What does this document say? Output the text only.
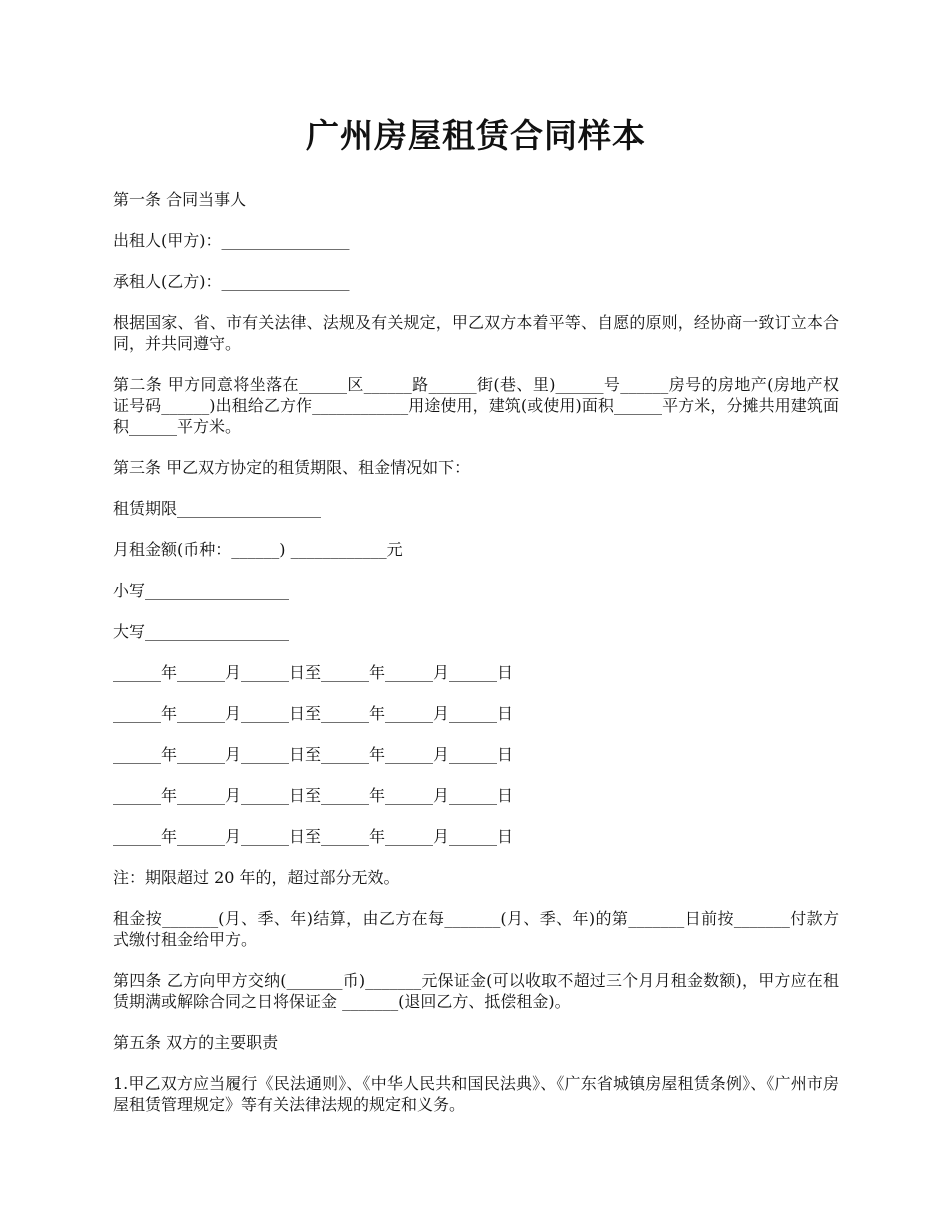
广州房屋租赁合同样本

第一条 合同当事人

出租人(甲方)：________________

承租人(乙方)：________________

根据国家、省、市有关法律、法规及有关规定，甲乙双方本着平等、自愿的原则，经协商一致订立本合同，并共同遵守。

第二条 甲方同意将坐落在______区______路______街(巷、里)______号______房号的房地产(房地产权证号码______)出租给乙方作____________用途使用，建筑(或使用)面积______平方米，分摊共用建筑面积______平方米。

第三条 甲乙双方协定的租赁期限、租金情况如下：

租赁期限__________________

月租金额(币种：______) ____________元

小写__________________

大写__________________

______年______月______日至______年______月______日

______年______月______日至______年______月______日

______年______月______日至______年______月______日

______年______月______日至______年______月______日

______年______月______日至______年______月______日

注：期限超过 20 年的，超过部分无效。

租金按_______(月、季、年)结算，由乙方在每_______(月、季、年)的第_______日前按_______付款方式缴付租金给甲方。

第四条 乙方向甲方交纳(_______币)_______元保证金(可以收取不超过三个月月租金数额)，甲方应在租赁期满或解除合同之日将保证金 _______(退回乙方、抵偿租金)。

第五条 双方的主要职责

1.甲乙双方应当履行《民法通则》、《中华人民共和国民法典》、《广东省城镇房屋租赁条例》、《广州市房屋租赁管理规定》等有关法律法规的规定和义务。
